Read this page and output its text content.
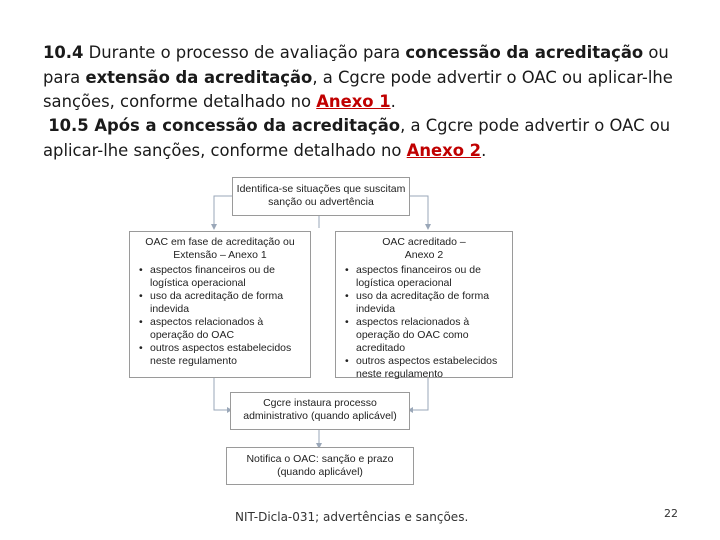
10.4 Durante o processo de avaliação para concessão da acreditação ou para extensão da acreditação, a Cgcre pode advertir o OAC ou aplicar-lhe sanções, conforme detalhado no Anexo 1.
10.5 Após a concessão da acreditação, a Cgcre pode advertir o OAC ou aplicar-lhe sanções, conforme detalhado no Anexo 2.
Identifica-se situações que suscitam sanção ou advertência
OAC em fase de acreditação ou Extensão – Anexo 1
• aspectos financeiros ou de logística operacional
• uso da acreditação de forma indevida
• aspectos relacionados à operação do OAC
• outros aspectos estabelecidos neste regulamento
OAC acreditado – Anexo 2
• aspectos financeiros ou de logística operacional
• uso da acreditação de forma indevida
• aspectos relacionados à operação do OAC como acreditado
• outros aspectos estabelecidos neste regulamento
Cgcre instaura processo administrativo (quando aplicável)
Notifica o OAC: sanção e prazo (quando aplicável)
NIT-Dicla-031; advertências e sanções.	22
